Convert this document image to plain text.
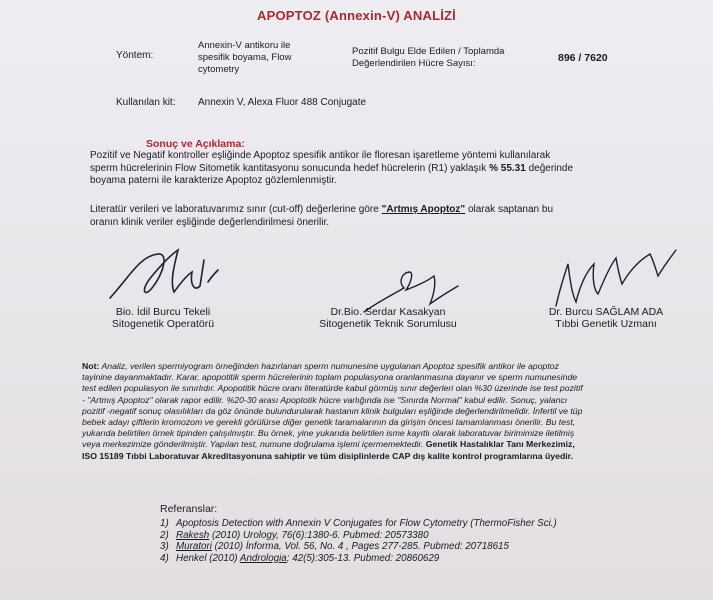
APOPTOZ (Annexin-V) ANALİZİ
Yöntem:
Annexin-V antikoru ile
spesifik boyama, Flow
cytometry
Pozitif Bulgu Elde Edilen / Toplamda
Değerlendirilen Hücre Sayısı:	896 / 7620
Kullanılan kit: Annexin V, Alexa Fluor 488 Conjugate
Sonuç ve Açıklama:
Pozitif ve Negatif kontroller eşliğinde Apoptoz spesifik antikor ile floresan işaretleme yöntemi kullanılarak
sperm hücrelerinin Flow Sitometik kantitasyonu sonucunda hedef hücrelerin (R1) yaklaşık % 55.31 değerinde
boyama paterni ile karakterize Apoptoz gözlemlenmiştir.
Literatür verileri ve laboratuvarımız sınır (cut-off) değerlerine göre "Artmış Apoptoz" olarak saptanan bu
oranın klinik veriler eşliğinde değerlendirilmesi önerilir.
Bio. İdil Burcu Tekeli
Sitogenetik Operatörü
Dr.Bio. Serdar Kasakyan
Sitogenetik Teknik Sorumlusu
Dr. Burcu SAĞLAM ADA
Tıbbi Genetik Uzmanı
Not: Analiz, verilen spermiyogram örneğinden hazırlanan sperm numunesine uygulanan Apoptoz spesifik antikor ile apoptoz
tayinine dayanmaktadır. Karar, apopotitik sperm hücrelerinin toplam populasyona oranlanmasına dayanır ve sperm numunesinde
test edilen populasyon ile sınırlıdır. Apopotitik hücre oranı literatürde kabul görmüş sınır değerleri olan %30 üzerinde ise test pozitif
- "Artmış Apoptoz" olarak rapor edilir. %20-30 arası Apoptotik hücre varlığında ise "Sınırda Normal" kabul edilir. Sonuç, yalancı
pozitif -negatif sonuç olasılıkları da göz önünde bulundurularak hastanın klinik bulguları eşliğinde değerlendirilmelidir. İnfertil ve tüp
bebek adayı çiftlerin kromozom ve gerekli görülürse diğer genetik taramalarının da girişim öncesi tamamlanması önerilir. Bu test,
yukarıda belirtilen örnek tipinden çalışılmıştır. Bu örnek, yine yukarıda belirtilen isme kayıtlı olarak laboratuvar birimimize iletilmiş
veya merkezimize gönderilmiştir. Yapılan test, numune doğrulama işlemi içermemektedir. Genetik Hastalıklar Tanı Merkezimiz,
ISO 15189 Tıbbi Laboratuvar Akreditasyonuna sahiptir ve tüm disiplinlerde CAP dış kalite kontrol programlarına üyedir.
Referanslar:
1) Apoptosis Detection with Annexin V Conjugates for Flow Cytometry (ThermoFisher Sci.)
2) Rakesh (2010) Urology, 76(6):1380-6. Pubmed: 20573380
3) Muratori (2010) İnforma, Vol. 56, No. 4 , Pages 277-285. Pubmed: 20718615
4) Henkel (2010) Andrologia; 42(5):305-13. Pubmed: 20860629
